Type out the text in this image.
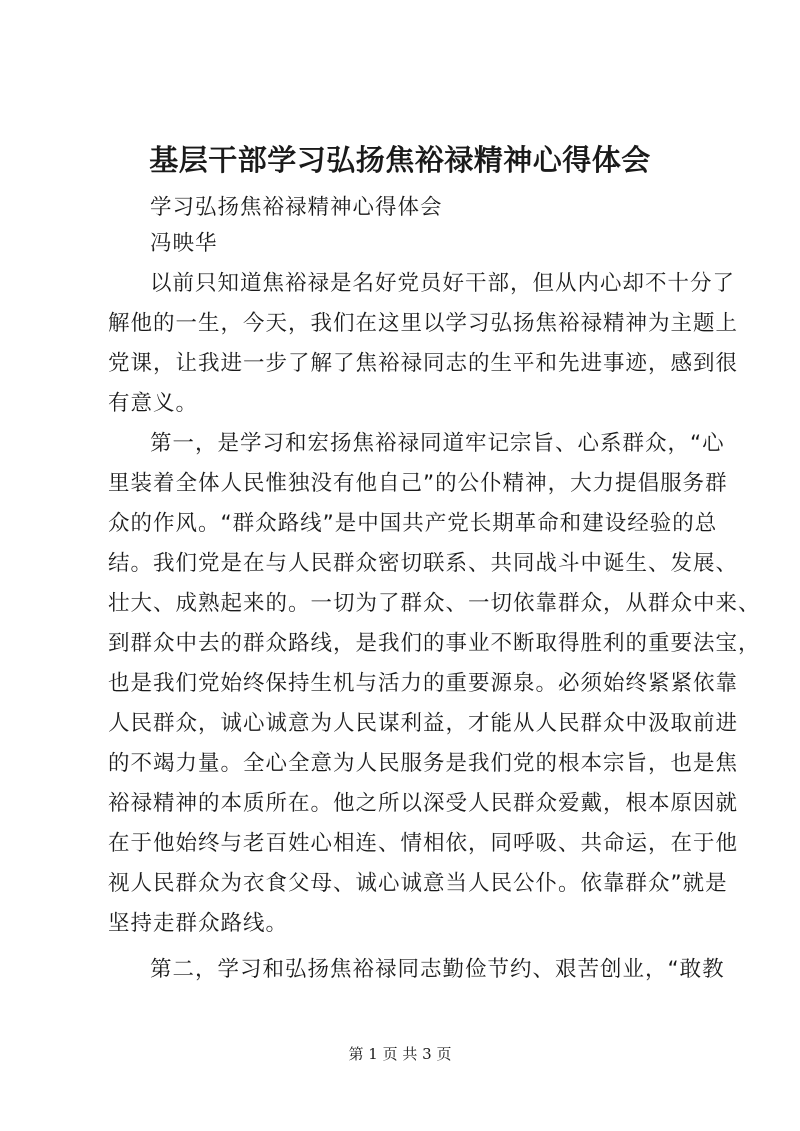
基层干部学习弘扬焦裕禄精神心得体会
学习弘扬焦裕禄精神心得体会
冯映华
以前只知道焦裕禄是名好党员好干部，但从内心却不十分了
解他的一生，今天，我们在这里以学习弘扬焦裕禄精神为主题上
党课，让我进一步了解了焦裕禄同志的生平和先进事迹，感到很
有意义。
第一，是学习和宏扬焦裕禄同道牢记宗旨、心系群众，“心
里装着全体人民惟独没有他自己”的公仆精神，大力提倡服务群
众的作风。“群众路线”是中国共产党长期革命和建设经验的总
结。我们党是在与人民群众密切联系、共同战斗中诞生、发展、
壮大、成熟起来的。一切为了群众、一切依靠群众，从群众中来、
到群众中去的群众路线，是我们的事业不断取得胜利的重要法宝，
也是我们党始终保持生机与活力的重要源泉。必须始终紧紧依靠
人民群众，诚心诚意为人民谋利益，才能从人民群众中汲取前进
的不竭力量。全心全意为人民服务是我们党的根本宗旨，也是焦
裕禄精神的本质所在。他之所以深受人民群众爱戴，根本原因就
在于他始终与老百姓心相连、情相依，同呼吸、共命运，在于他
视人民群众为衣食父母、诚心诚意当人民公仆。依靠群众”就是
坚持走群众路线。
第二，学习和弘扬焦裕禄同志勤俭节约、艰苦创业，“敢教
第 1 页 共 3 页
